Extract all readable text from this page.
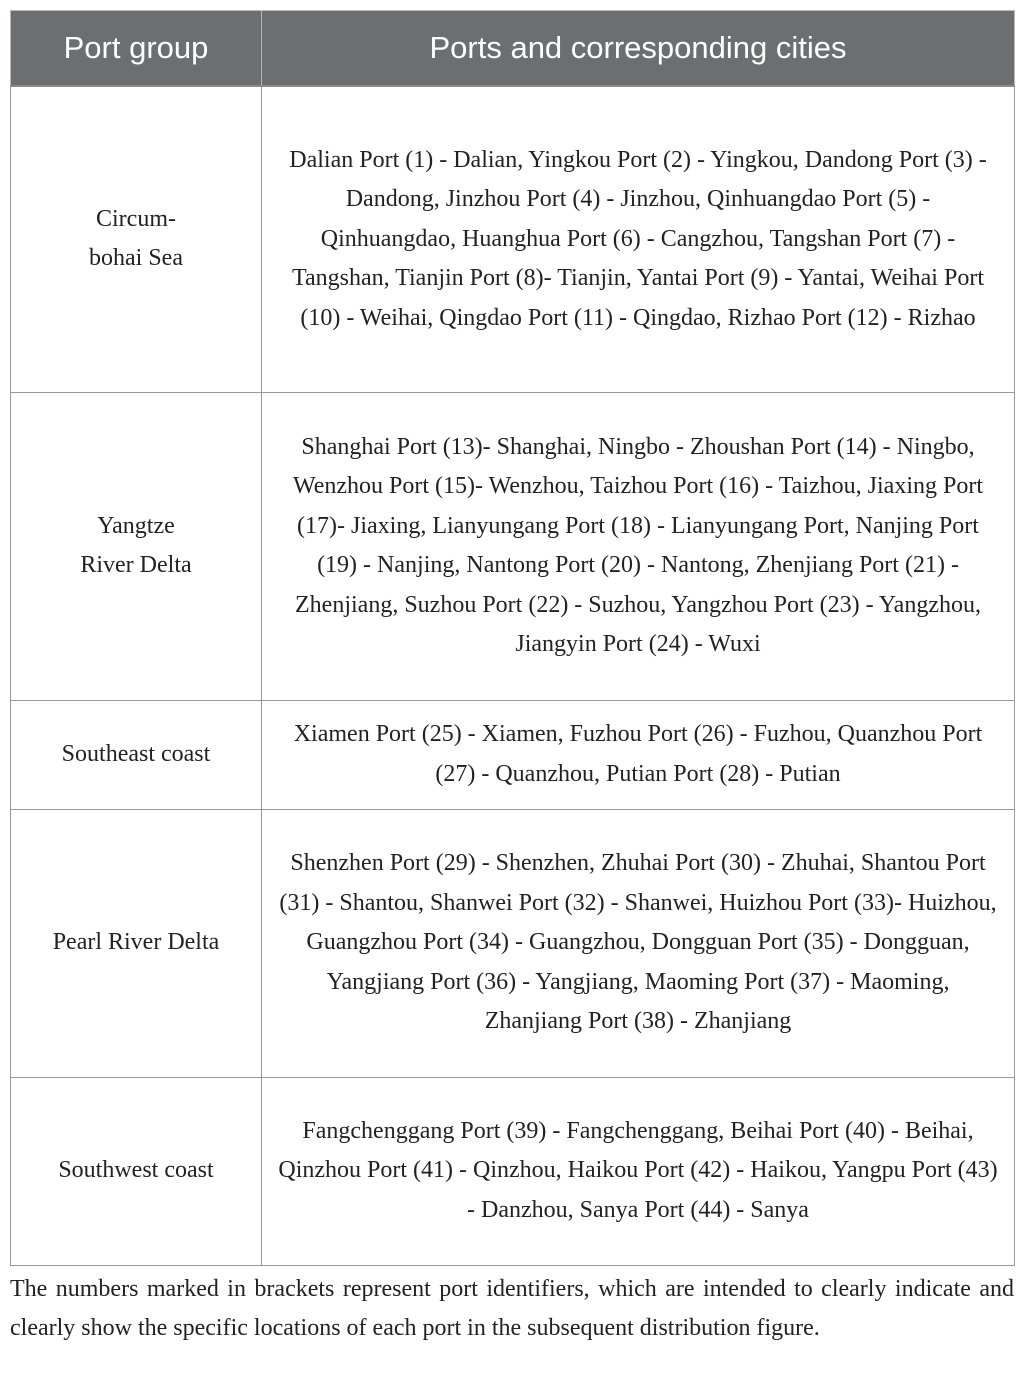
Port group	Ports and corresponding cities
Circum-
bohai Sea	Dalian Port (1) - Dalian, Yingkou Port (2) - Yingkou, Dandong Port (3) - Dandong, Jinzhou Port (4) - Jinzhou, Qinhuangdao Port (5) - Qinhuangdao, Huanghua Port (6) - Cangzhou, Tangshan Port (7) - Tangshan, Tianjin Port (8)- Tianjin, Yantai Port (9) - Yantai, Weihai Port (10) - Weihai, Qingdao Port (11) - Qingdao, Rizhao Port (12) - Rizhao
Yangtze
River Delta	Shanghai Port (13)- Shanghai, Ningbo - Zhoushan Port (14) - Ningbo, Wenzhou Port (15)- Wenzhou, Taizhou Port (16) - Taizhou, Jiaxing Port (17)- Jiaxing, Lianyungang Port (18) - Lianyungang Port, Nanjing Port (19) - Nanjing, Nantong Port (20) - Nantong, Zhenjiang Port (21) - Zhenjiang, Suzhou Port (22) - Suzhou, Yangzhou Port (23) - Yangzhou, Jiangyin Port (24) - Wuxi
Southeast coast	Xiamen Port (25) - Xiamen, Fuzhou Port (26) - Fuzhou, Quanzhou Port (27) - Quanzhou, Putian Port (28) - Putian
Pearl River Delta	Shenzhen Port (29) - Shenzhen, Zhuhai Port (30) - Zhuhai, Shantou Port (31) - Shantou, Shanwei Port (32) - Shanwei, Huizhou Port (33)- Huizhou, Guangzhou Port (34) - Guangzhou, Dongguan Port (35) - Dongguan, Yangjiang Port (36) - Yangjiang, Maoming Port (37) - Maoming, Zhanjiang Port (38) - Zhanjiang
Southwest coast	Fangchenggang Port (39) - Fangchenggang, Beihai Port (40) - Beihai, Qinzhou Port (41) - Qinzhou, Haikou Port (42) - Haikou, Yangpu Port (43) - Danzhou, Sanya Port (44) - Sanya

The numbers marked in brackets represent port identifiers, which are intended to clearly indicate and clearly show the specific locations of each port in the subsequent distribution figure.
